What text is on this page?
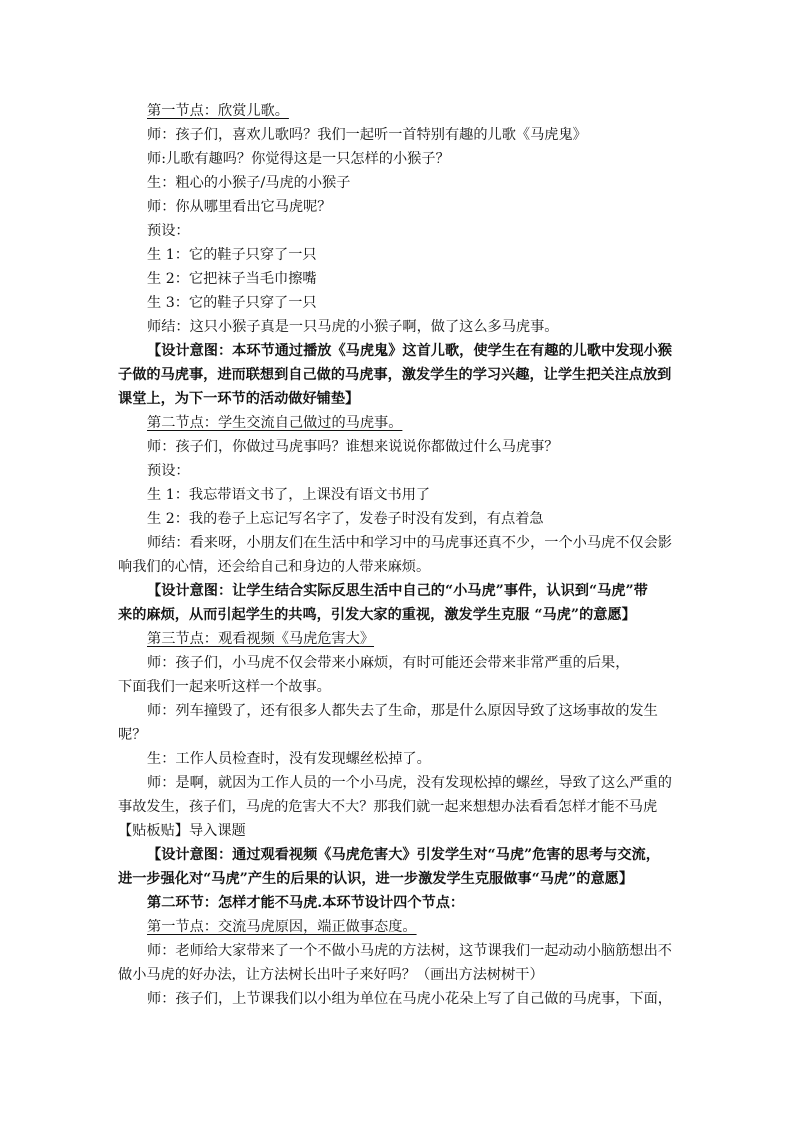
第一节点：欣赏儿歌。
师：孩子们，喜欢儿歌吗？我们一起听一首特别有趣的儿歌《马虎鬼》
师:儿歌有趣吗？你觉得这是一只怎样的小猴子？
生：粗心的小猴子/马虎的小猴子
师：你从哪里看出它马虎呢？
预设：
生 1：它的鞋子只穿了一只
生 2：它把袜子当毛巾擦嘴
生 3：它的鞋子只穿了一只
师结：这只小猴子真是一只马虎的小猴子啊，做了这么多马虎事。
【设计意图：本环节通过播放《马虎鬼》这首儿歌，使学生在有趣的儿歌中发现小猴
子做的马虎事，进而联想到自己做的马虎事，激发学生的学习兴趣，让学生把关注点放到
课堂上，为下一环节的活动做好铺垫】
第二节点：学生交流自己做过的马虎事。
师：孩子们，你做过马虎事吗？谁想来说说你都做过什么马虎事？
预设：
生 1：我忘带语文书了，上课没有语文书用了
生 2：我的卷子上忘记写名字了，发卷子时没有发到，有点着急
师结：看来呀，小朋友们在生活中和学习中的马虎事还真不少，一个小马虎不仅会影
响我们的心情，还会给自己和身边的人带来麻烦。
【设计意图：让学生结合实际反思生活中自己的“小马虎”事件，认识到“马虎”带
来的麻烦，从而引起学生的共鸣，引发大家的重视，激发学生克服 “马虎”的意愿】
第三节点：观看视频《马虎危害大》
师：孩子们，小马虎不仅会带来小麻烦，有时可能还会带来非常严重的后果，
下面我们一起来听这样一个故事。
师：列车撞毁了，还有很多人都失去了生命，那是什么原因导致了这场事故的发生
呢？
生：工作人员检查时，没有发现螺丝松掉了。
师：是啊，就因为工作人员的一个小马虎，没有发现松掉的螺丝，导致了这么严重的
事故发生，孩子们，马虎的危害大不大？那我们就一起来想想办法看看怎样才能不马虎
【贴板贴】导入课题
【设计意图：通过观看视频《马虎危害大》引发学生对“马虎”危害的思考与交流，
进一步强化对“马虎”产生的后果的认识，进一步激发学生克服做事“马虎”的意愿】
第二环节：怎样才能不马虎.本环节设计四个节点：
第一节点：交流马虎原因，端正做事态度。
师：老师给大家带来了一个不做小马虎的方法树，这节课我们一起动动小脑筋想出不
做小马虎的好办法，让方法树长出叶子来好吗？（画出方法树树干）
师：孩子们，上节课我们以小组为单位在马虎小花朵上写了自己做的马虎事，下面，
